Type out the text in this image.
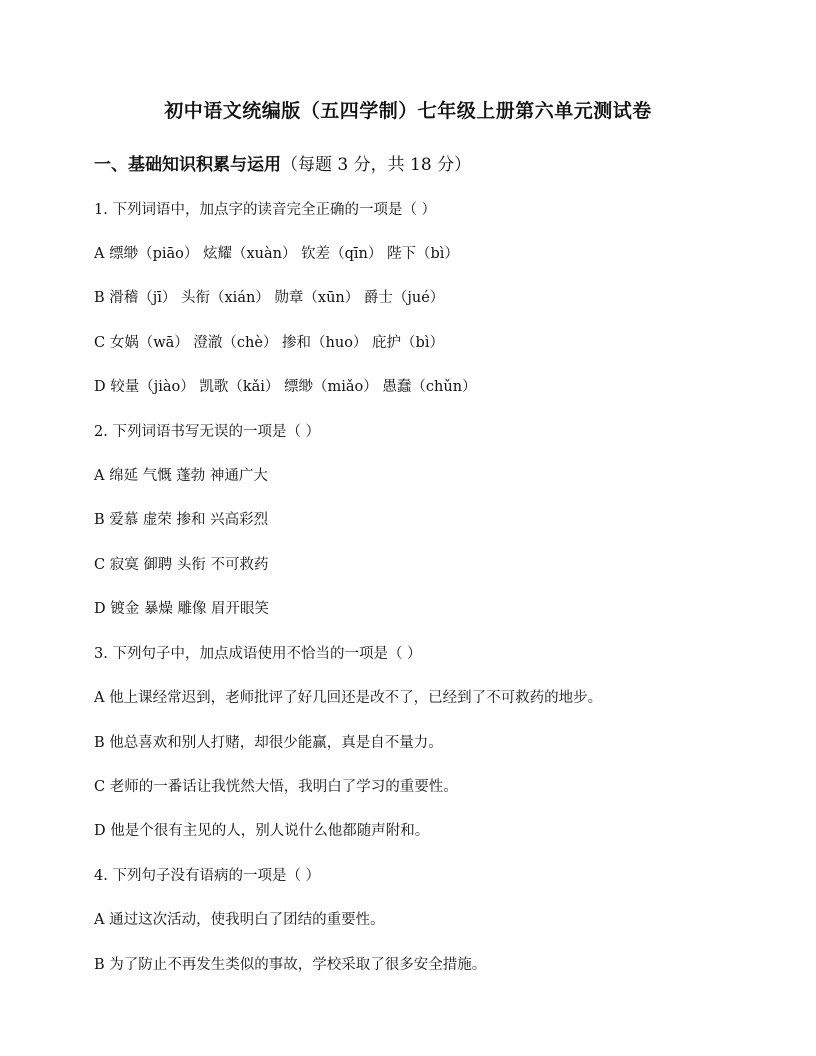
初中语文统编版（五四学制）七年级上册第六单元测试卷
一、基础知识积累与运用（每题 3 分，共 18 分）
1. 下列词语中，加点字的读音完全正确的一项是（ ）
A 缥缈（piāo） 炫耀（xuàn） 钦差（qīn） 陛下（bì）
B 滑稽（jī） 头衔（xián） 勋章（xūn） 爵士（jué）
C 女娲（wā） 澄澈（chè） 掺和（huo） 庇护（bì）
D 较量（jiào） 凯歌（kǎi） 缥缈（miǎo） 愚蠢（chǔn）
2. 下列词语书写无误的一项是（ ）
A 绵延 气慨 蓬勃 神通广大
B 爱慕 虚荣 掺和 兴高彩烈
C 寂寞 御聘 头衔 不可救药
D 镀金 暴燥 雕像 眉开眼笑
3. 下列句子中，加点成语使用不恰当的一项是（ ）
A 他上课经常迟到，老师批评了好几回还是改不了，已经到了不可救药的地步。
B 他总喜欢和别人打赌，却很少能赢，真是自不量力。
C 老师的一番话让我恍然大悟，我明白了学习的重要性。
D 他是个很有主见的人，别人说什么他都随声附和。
4. 下列句子没有语病的一项是（ ）
A 通过这次活动，使我明白了团结的重要性。
B 为了防止不再发生类似的事故，学校采取了很多安全措施。
